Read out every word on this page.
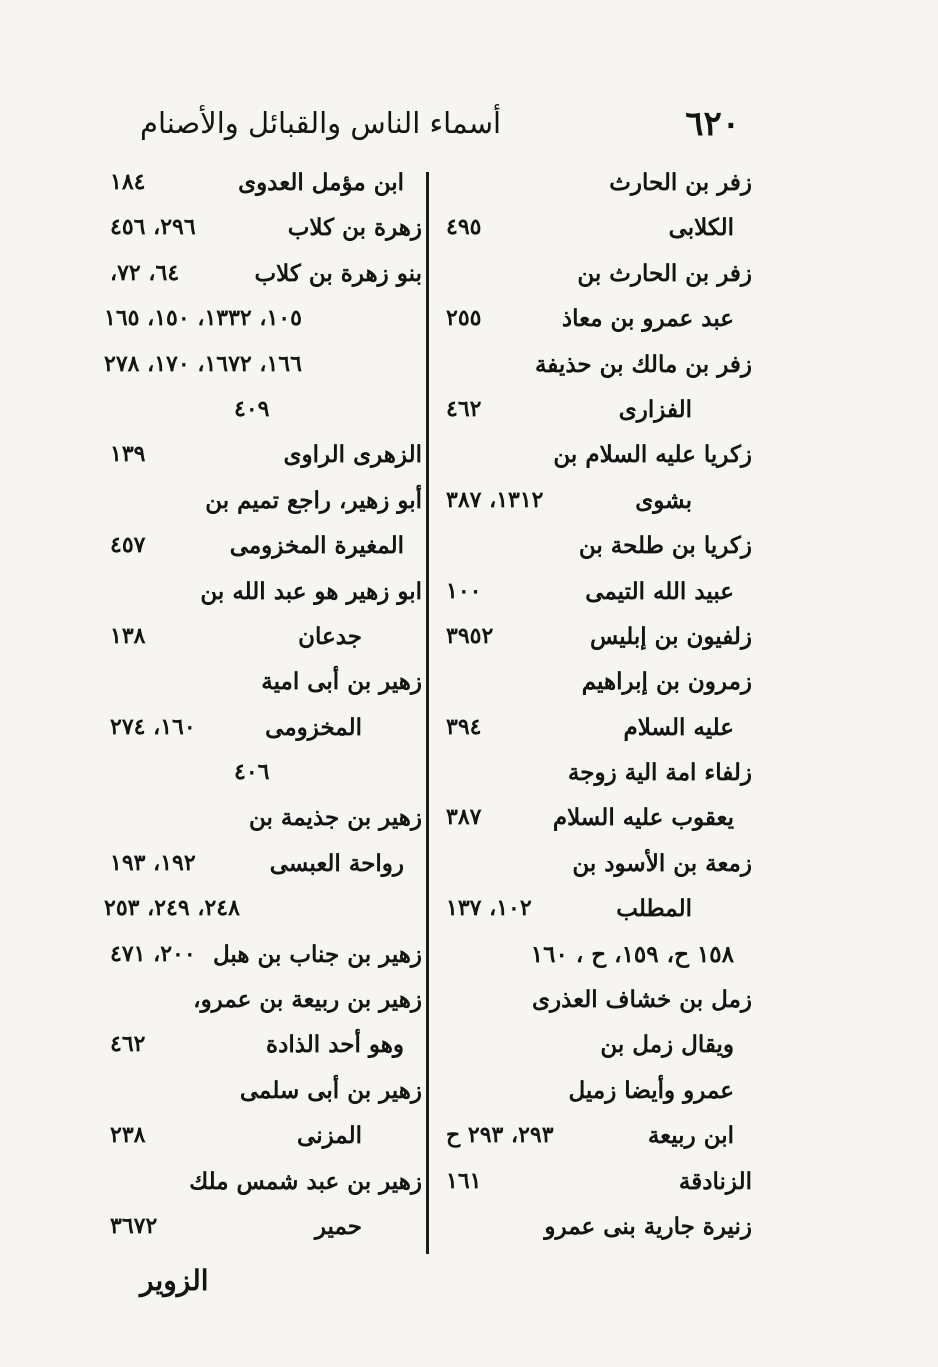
٦٢٠
أسماء الناس والقبائل والأصنام
زفر بن الحارث
الكلابى
٤٩٥
زفر بن الحارث بن
عبد عمرو بن معاذ
٢٥٥
زفر بن مالك بن حذيفة
الفزارى
٤٦٢
زكريا عليه السلام بن
بشوى
١٣١٢، ٣٨٧
زكريا بن طلحة بن
عبيد الله التيمى
١٠٠
زلفيون بن إبليس
٣٩٥٢
زمرون بن إبراهيم
عليه السلام
٣٩٤
زلفاء امة الية زوجة
يعقوب عليه السلام
٣٨٧
زمعة بن الأسود بن
المطلب
١٠٢، ١٣٧
١٥٨ ح، ١٥٩، ح ، ١٦٠
زمل بن خشاف العذرى
ويقال زمل بن
عمرو وأيضا زميل
ابن ربيعة
٢٩٣، ٢٩٣ ح
الزنادقة
١٦١
زنيرة جارية بنى عمرو
ابن مؤمل العدوى
١٨٤
زهرة بن كلاب
٢٩٦، ٤٥٦
بنو زهرة بن كلاب
٦٤، ٧٢،
١٠٥، ١٣٣٢، ١٥٠، ١٦٥
١٦٦، ١٦٧٢، ١٧٠، ٢٧٨
٤٠٩
الزهرى الراوى
١٣٩
أبو زهير، راجع تميم بن
المغيرة المخزومى
٤٥٧
ابو زهير هو عبد الله بن
جدعان
١٣٨
زهير بن أبى امية
المخزومى
١٦٠، ٢٧٤
٤٠٦
زهير بن جذيمة بن
رواحة العبسى
١٩٢، ١٩٣
٢٤٨، ٢٤٩، ٢٥٣
زهير بن جناب بن هبل
٢٠٠، ٤٧١
زهير بن ربيعة بن عمرو،
وهو أحد الذادة
٤٦٢
زهير بن أبى سلمى
المزنى
٢٣٨
زهير بن عبد شمس ملك
حمير
٣٦٧٢
الزوير
